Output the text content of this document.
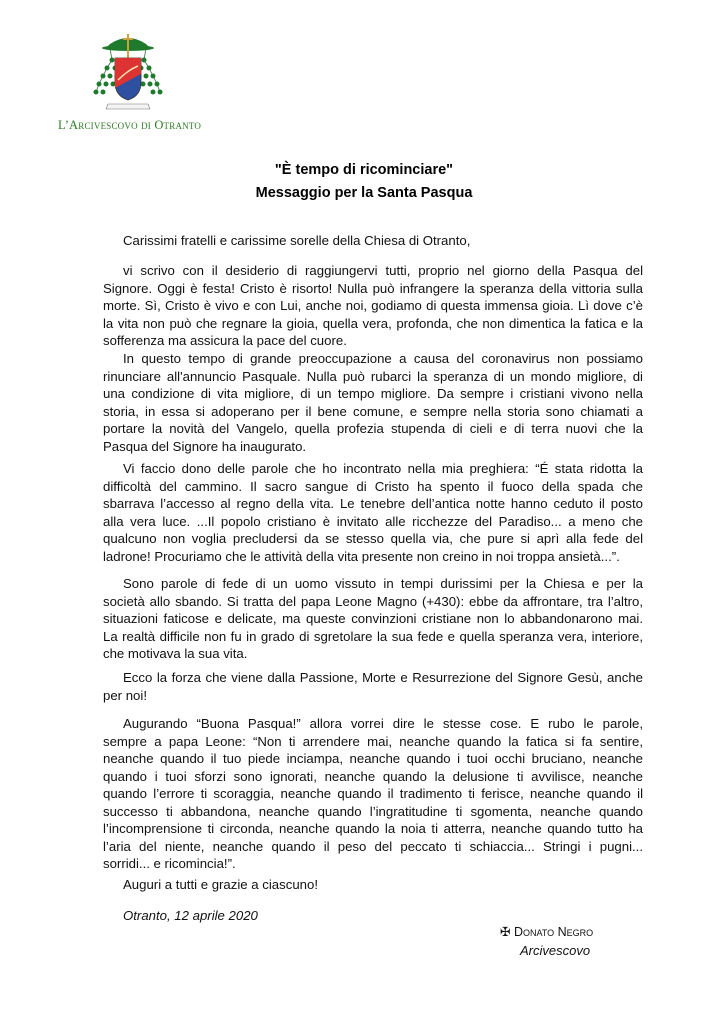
L’Arcivescovo di Otranto
"È tempo di ricominciare"
Messaggio per la Santa Pasqua
Carissimi fratelli e carissime sorelle della Chiesa di Otranto,
vi scrivo con il desiderio di raggiungervi tutti, proprio nel giorno della Pasqua del
Signore. Oggi è festa! Cristo è risorto! Nulla può infrangere la speranza della vittoria sulla
morte. Sì, Cristo è vivo e con Lui, anche noi, godiamo di questa immensa gioia. Lì dove c’è
la vita non può che regnare la gioia, quella vera, profonda, che non dimentica la fatica e la
sofferenza ma assicura la pace del cuore.
In questo tempo di grande preoccupazione a causa del coronavirus non possiamo
rinunciare all'annuncio Pasquale. Nulla può rubarci la speranza di un mondo migliore, di
una condizione di vita migliore, di un tempo migliore. Da sempre i cristiani vivono nella
storia, in essa si adoperano per il bene comune, e sempre nella storia sono chiamati a
portare la novità del Vangelo, quella profezia stupenda di cieli e di terra nuovi che la
Pasqua del Signore ha inaugurato.
Vi faccio dono delle parole che ho incontrato nella mia preghiera: “É stata ridotta la
difficoltà del cammino. Il sacro sangue di Cristo ha spento il fuoco della spada che
sbarrava l’accesso al regno della vita. Le tenebre dell’antica notte hanno ceduto il posto
alla vera luce. ...Il popolo cristiano è invitato alle ricchezze del Paradiso... a meno che
qualcuno non voglia precludersi da se stesso quella via, che pure si aprì alla fede del
ladrone! Procuriamo che le attività della vita presente non creino in noi troppa ansietà...”.
Sono parole di fede di un uomo vissuto in tempi durissimi per la Chiesa e per la
società allo sbando. Si tratta del papa Leone Magno (+430): ebbe da affrontare, tra l’altro,
situazioni faticose e delicate, ma queste convinzioni cristiane non lo abbandonarono mai.
La realtà difficile non fu in grado di sgretolare la sua fede e quella speranza vera, interiore,
che motivava la sua vita.
Ecco la forza che viene dalla Passione, Morte e Resurrezione del Signore Gesù, anche
per noi!
Augurando “Buona Pasqua!” allora vorrei dire le stesse cose. E rubo le parole,
sempre a papa Leone: “Non ti arrendere mai, neanche quando la fatica si fa sentire,
neanche quando il tuo piede inciampa, neanche quando i tuoi occhi bruciano, neanche
quando i tuoi sforzi sono ignorati, neanche quando la delusione ti avvilisce, neanche
quando l’errore ti scoraggia, neanche quando il tradimento ti ferisce, neanche quando il
successo ti abbandona, neanche quando l’ingratitudine ti sgomenta, neanche quando
l’incomprensione ti circonda, neanche quando la noia ti atterra, neanche quando tutto ha
l’aria del niente, neanche quando il peso del peccato ti schiaccia... Stringi i pugni...
sorridi... e ricomincia!”.
Auguri a tutti e grazie a ciascuno!
Otranto, 12 aprile 2020
✠ Donato Negro
Arcivescovo
